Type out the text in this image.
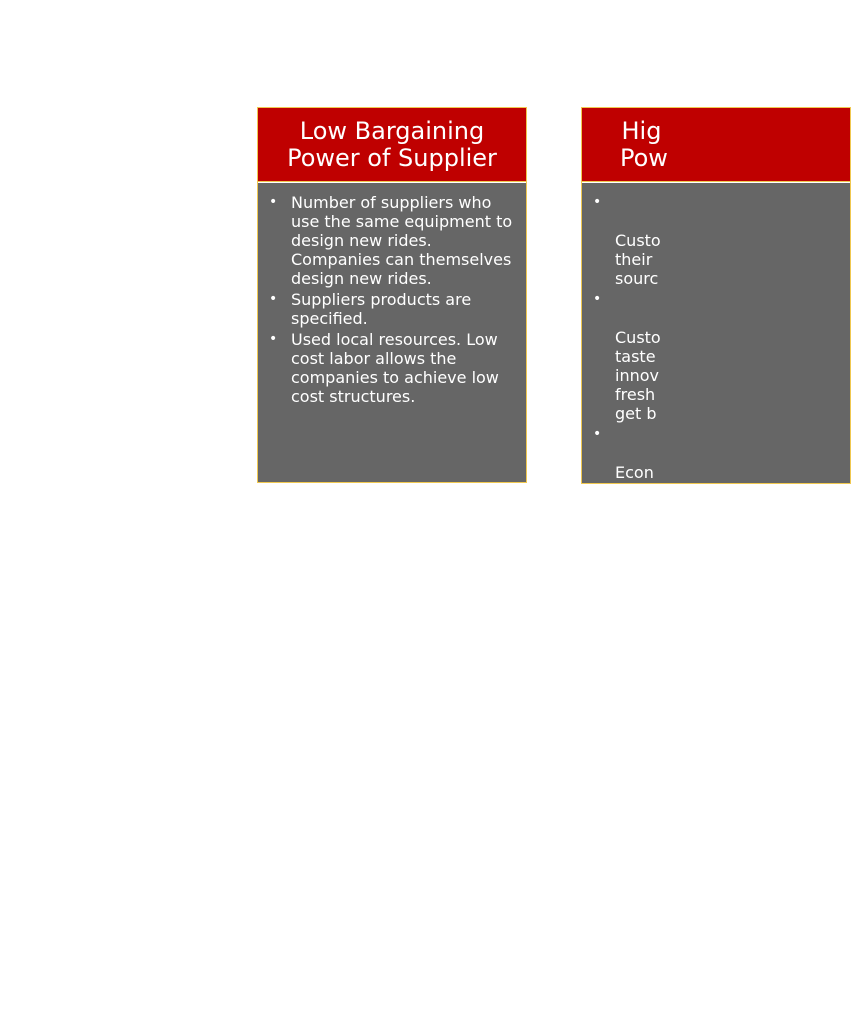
Low Bargaining
Power of Supplier
• Number of suppliers who use the same equipment to design new rides. Companies can themselves design new rides.
• Suppliers products are specified.
• Used local resources. Low cost labor allows the companies to achieve low cost structures.
Hig
Pow

•

Custo
their
sourc

•

Custo
taste
innov
fresh
get b

•

Econ
influe
decis
